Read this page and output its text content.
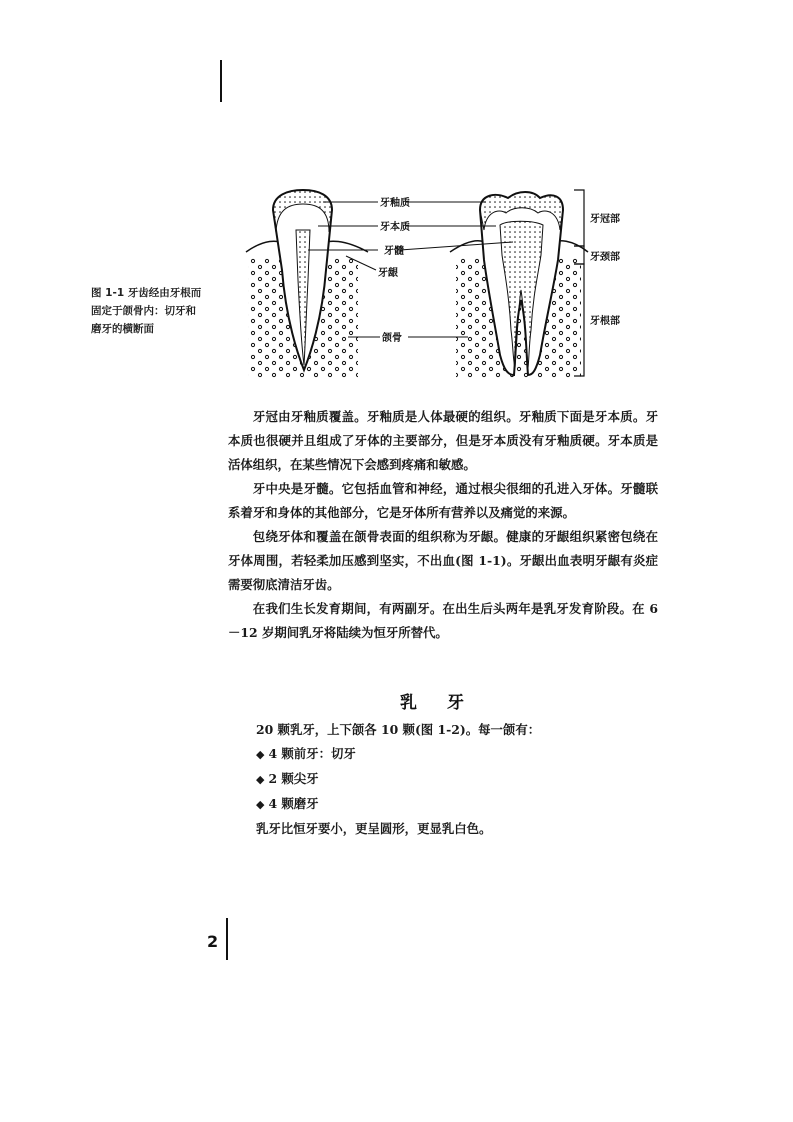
图 1-1 牙齿经由牙根而固定于颌骨内：切牙和磨牙的横断面
牙釉质
牙本质
牙髓
牙龈
颌骨
牙冠部
牙颈部
牙根部

牙冠由牙釉质覆盖。牙釉质是人体最硬的组织。牙釉质下面是牙本质。牙本质也很硬并且组成了牙体的主要部分，但是牙本质没有牙釉质硬。牙本质是活体组织，在某些情况下会感到疼痛和敏感。

牙中央是牙髓。它包括血管和神经，通过根尖很细的孔进入牙体。牙髓联系着牙和身体的其他部分，它是牙体所有营养以及痛觉的来源。

包绕牙体和覆盖在颌骨表面的组织称为牙龈。健康的牙龈组织紧密包绕在牙体周围，若轻柔加压感到坚实，不出血(图 1-1)。牙龈出血表明牙龈有炎症需要彻底清洁牙齿。

在我们生长发育期间，有两副牙。在出生后头两年是乳牙发育阶段。在 6－12 岁期间乳牙将陆续为恒牙所替代。

乳牙
20 颗乳牙，上下颌各 10 颗(图 1-2)。每一颌有：
◆ 4 颗前牙：切牙
◆ 2 颗尖牙
◆ 4 颗磨牙
乳牙比恒牙要小，更呈圆形，更显乳白色。
2
